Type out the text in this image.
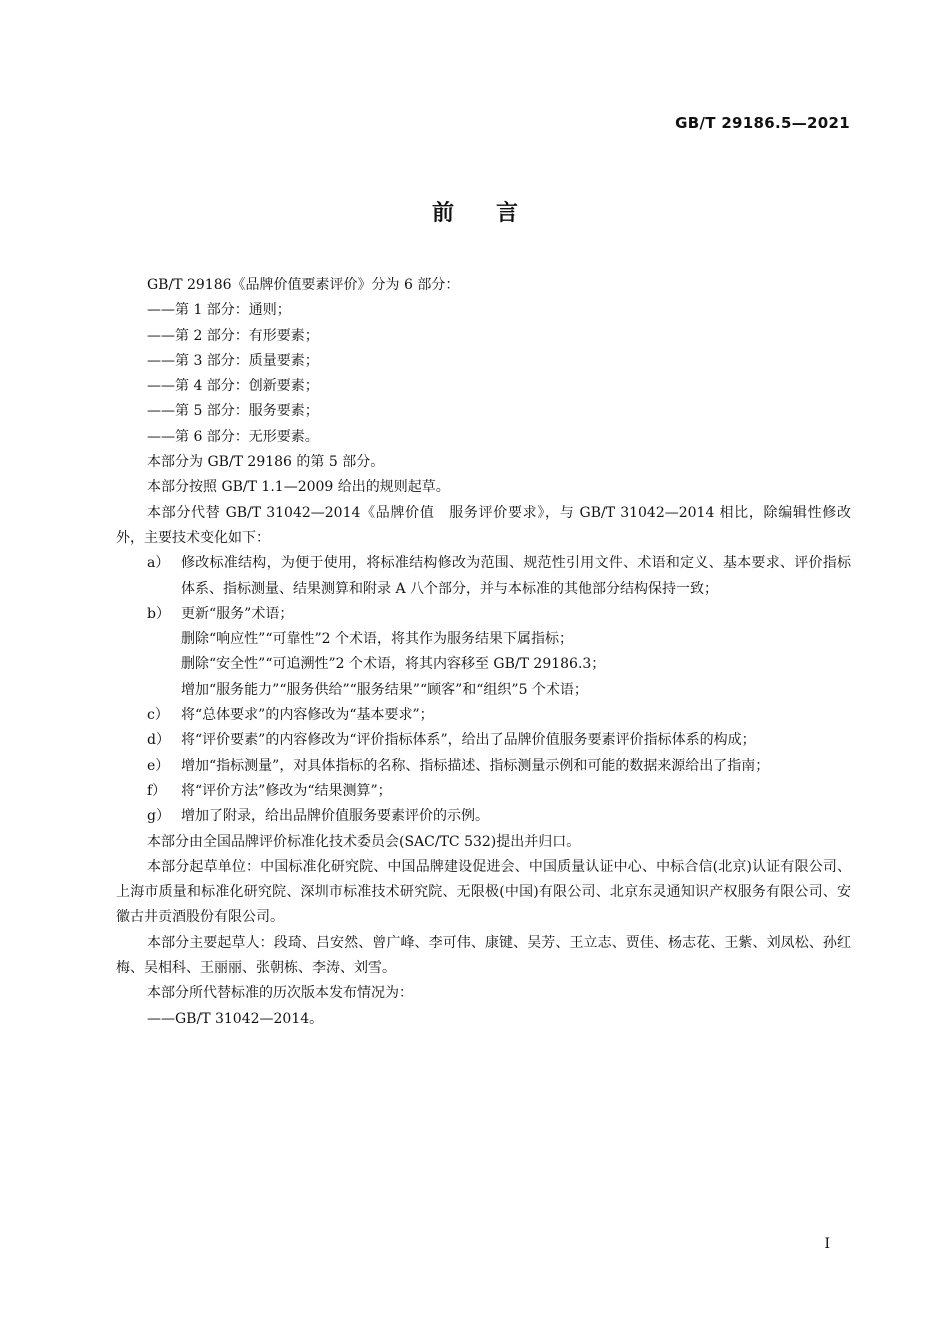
GB/T 29186.5—2021
前言
GB/T 29186《品牌价值要素评价》分为 6 部分：
——第 1 部分：通则；
——第 2 部分：有形要素；
——第 3 部分：质量要素；
——第 4 部分：创新要素；
——第 5 部分：服务要素；
——第 6 部分：无形要素。
本部分为 GB/T 29186 的第 5 部分。
本部分按照 GB/T 1.1—2009 给出的规则起草。
本部分代替 GB/T 31042—2014《品牌价值　服务评价要求》，与 GB/T 31042—2014 相比，除编辑性修改外，主要技术变化如下：
a） 修改标准结构，为便于使用，将标准结构修改为范围、规范性引用文件、术语和定义、基本要求、评价指标体系、指标测量、结果测算和附录 A 八个部分，并与本标准的其他部分结构保持一致；
b） 更新“服务”术语；
删除“响应性”“可靠性”2 个术语，将其作为服务结果下属指标；
删除“安全性”“可追溯性”2 个术语，将其内容移至 GB/T 29186.3；
增加“服务能力”“服务供给”“服务结果”“顾客”和“组织”5 个术语；
c） 将“总体要求”的内容修改为“基本要求”；
d） 将“评价要素”的内容修改为“评价指标体系”，给出了品牌价值服务要素评价指标体系的构成；
e） 增加“指标测量”，对具体指标的名称、指标描述、指标测量示例和可能的数据来源给出了指南；
f）	将“评价方法”修改为“结果测算”；
g） 增加了附录，给出品牌价值服务要素评价的示例。
本部分由全国品牌评价标准化技术委员会(SAC/TC 532)提出并归口。
本部分起草单位：中国标准化研究院、中国品牌建设促进会、中国质量认证中心、中标合信(北京)认证有限公司、上海市质量和标准化研究院、深圳市标准技术研究院、无限极(中国)有限公司、北京东灵通知识产权服务有限公司、安徽古井贡酒股份有限公司。
本部分主要起草人：段琦、吕安然、曾广峰、李可伟、康键、吴芳、王立志、贾佳、杨志花、王紫、刘凤松、孙红梅、吴相科、王丽丽、张朝栋、李涛、刘雪。
本部分所代替标准的历次版本发布情况为：
——GB/T 31042—2014。
I
